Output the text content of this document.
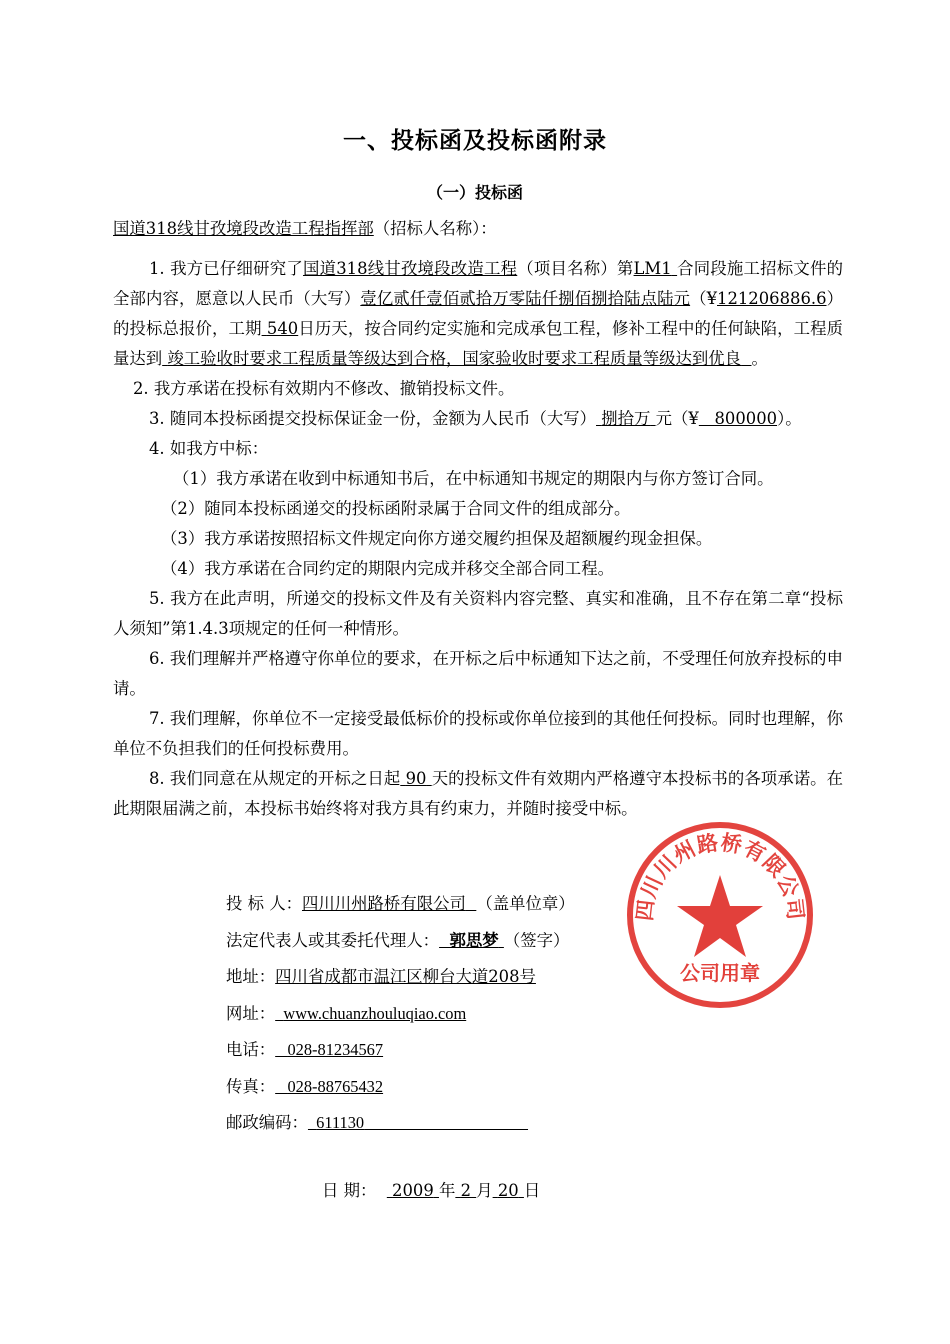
一、投标函及投标函附录
（一）投标函

国道318线甘孜境段改造工程指挥部（招标人名称）：

1. 我方已仔细研究了国道318线甘孜境段改造工程（项目名称）第LM1 合同段施工招标文件的全部内容，愿意以人民币（大写）壹亿贰仟壹佰贰拾万零陆仟捌佰捌拾陆点陆元（¥121206886.6）的投标总报价，工期 540日历天，按合同约定实施和完成承包工程，修补工程中的任何缺陷，工程质量达到 竣工验收时要求工程质量等级达到合格，国家验收时要求工程质量等级达到优良 。

2. 我方承诺在投标有效期内不修改、撤销投标文件。

3. 随同本投标函提交投标保证金一份，金额为人民币（大写） 捌拾万 元（¥ 800000）。

4. 如我方中标：

（1）我方承诺在收到中标通知书后，在中标通知书规定的期限内与你方签订合同。

（2）随同本投标函递交的投标函附录属于合同文件的组成部分。

（3）我方承诺按照招标文件规定向你方递交履约担保及超额履约现金担保。

（4）我方承诺在合同约定的期限内完成并移交全部合同工程。

5. 我方在此声明，所递交的投标文件及有关资料内容完整、真实和准确，且不存在第二章“投标人须知”第1.4.3项规定的任何一种情形。

6. 我们理解并严格遵守你单位的要求，在开标之后中标通知下达之前，不受理任何放弃投标的申请。

7. 我们理解，你单位不一定接受最低标价的投标或你单位接到的其他任何投标。同时也理解，你单位不负担我们的任何投标费用。

8. 我们同意在从规定的开标之日起 90 天的投标文件有效期内严格遵守本投标书的各项承诺。在此期限届满之前，本投标书始终将对我方具有约束力，并随时接受中标。

投 标 人：四川川州路桥有限公司 （盖单位章）
法定代表人或其委托代理人： 郭思梦 （签字）
地址：四川省成都市温江区柳台大道208号
网址： www.chuanzhouluqiao.com
电话： 028-81234567
传真： 028-88765432
邮政编码： 611130
日 期： 2009 年 2 月 20 日
四川川州路桥有限公司
公司用章
